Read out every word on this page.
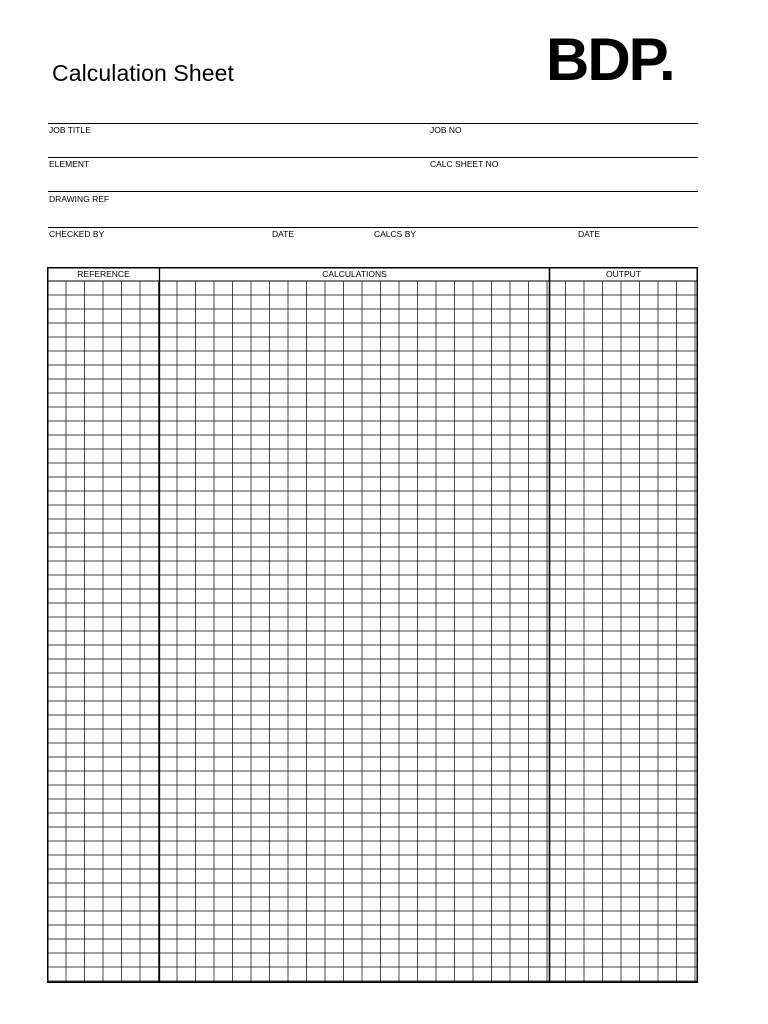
Calculation Sheet	BDP.
JOB TITLE	JOB NO
ELEMENT	CALC SHEET NO
DRAWING REF
CHECKED BY	DATE	CALCS BY	DATE
REFERENCE	CALCULATIONS	OUTPUT
